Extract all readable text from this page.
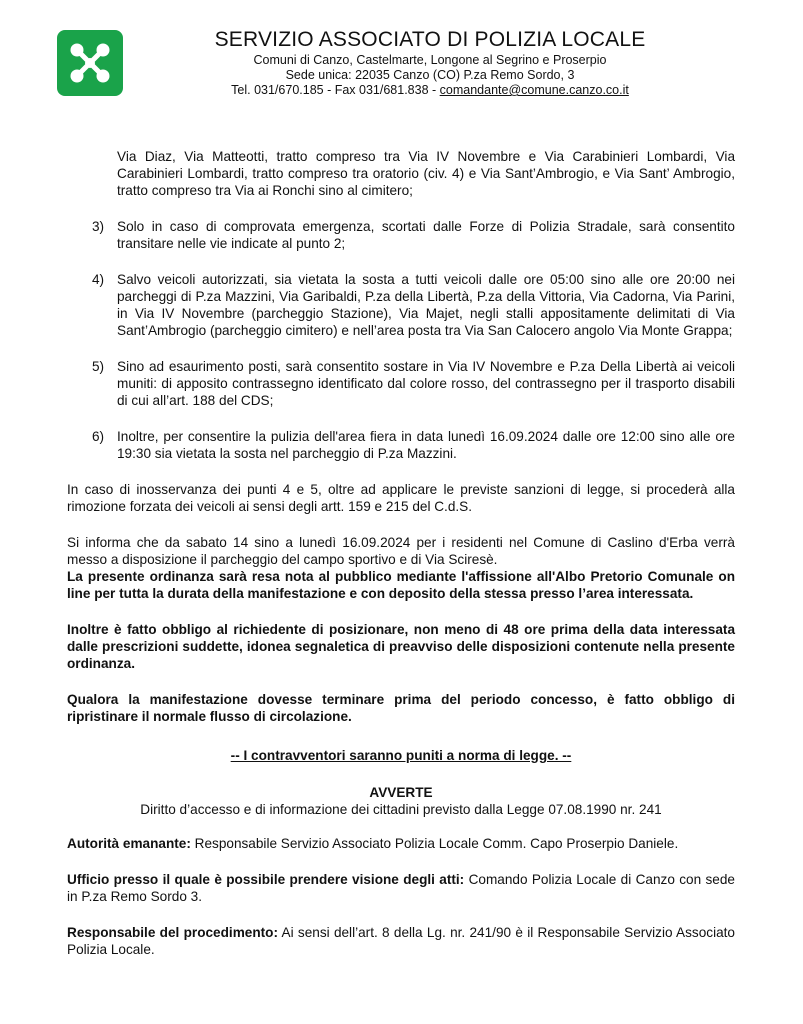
SERVIZIO ASSOCIATO DI POLIZIA LOCALE
Comuni di Canzo, Castelmarte, Longone al Segrino e Proserpio
Sede unica: 22035 Canzo (CO) P.za Remo Sordo, 3
Tel. 031/670.185 - Fax 031/681.838 - comandante@comune.canzo.co.it

Via Diaz, Via Matteotti, tratto compreso tra Via IV Novembre e Via Carabinieri Lombardi, Via Carabinieri Lombardi, tratto compreso tra oratorio (civ. 4) e Via Sant’Ambrogio, e Via Sant’ Ambrogio, tratto compreso tra Via ai Ronchi sino al cimitero;

3) Solo in caso di comprovata emergenza, scortati dalle Forze di Polizia Stradale, sarà consentito transitare nelle vie indicate al punto 2;
4) Salvo veicoli autorizzati, sia vietata la sosta a tutti veicoli dalle ore 05:00 sino alle ore 20:00 nei parcheggi di P.za Mazzini, Via Garibaldi, P.za della Libertà, P.za della Vittoria, Via Cadorna, Via Parini, in Via IV Novembre (parcheggio Stazione), Via Majet, negli stalli appositamente delimitati di Via Sant’Ambrogio (parcheggio cimitero) e nell’area posta tra Via San Calocero angolo Via Monte Grappa;
5) Sino ad esaurimento posti, sarà consentito sostare in Via IV Novembre e P.za Della Libertà ai veicoli muniti: di apposito contrassegno identificato dal colore rosso, del contrassegno per il trasporto disabili di cui all’art. 188 del CDS;
6) Inoltre, per consentire la pulizia dell'area fiera in data lunedì 16.09.2024 dalle ore 12:00 sino alle ore 19:30 sia vietata la sosta nel parcheggio di P.za Mazzini.

In caso di inosservanza dei punti 4 e 5, oltre ad applicare le previste sanzioni di legge, si procederà alla rimozione forzata dei veicoli ai sensi degli artt. 159 e 215 del C.d.S.

Si informa che da sabato 14 sino a lunedì 16.09.2024 per i residenti nel Comune di Caslino d'Erba verrà messo a disposizione il parcheggio del campo sportivo e di Via Sciresè.

La presente ordinanza sarà resa nota al pubblico mediante l'affissione all'Albo Pretorio Comunale on line per tutta la durata della manifestazione e con deposito della stessa presso l’area interessata.

Inoltre è fatto obbligo al richiedente di posizionare, non meno di 48 ore prima della data interessata dalle prescrizioni suddette, idonea segnaletica di preavviso delle disposizioni contenute nella presente ordinanza.

Qualora la manifestazione dovesse terminare prima del periodo concesso, è fatto obbligo di ripristinare il normale flusso di circolazione.

-- I contravventori saranno puniti a norma di legge. --

AVVERTE

Diritto d’accesso e di informazione dei cittadini previsto dalla Legge 07.08.1990 nr. 241

Autorità emanante: Responsabile Servizio Associato Polizia Locale Comm. Capo Proserpio Daniele.

Ufficio presso il quale è possibile prendere visione degli atti: Comando Polizia Locale di Canzo con sede in P.za Remo Sordo 3.

Responsabile del procedimento: Ai sensi dell’art. 8 della Lg. nr. 241/90 è il Responsabile Servizio Associato Polizia Locale.
